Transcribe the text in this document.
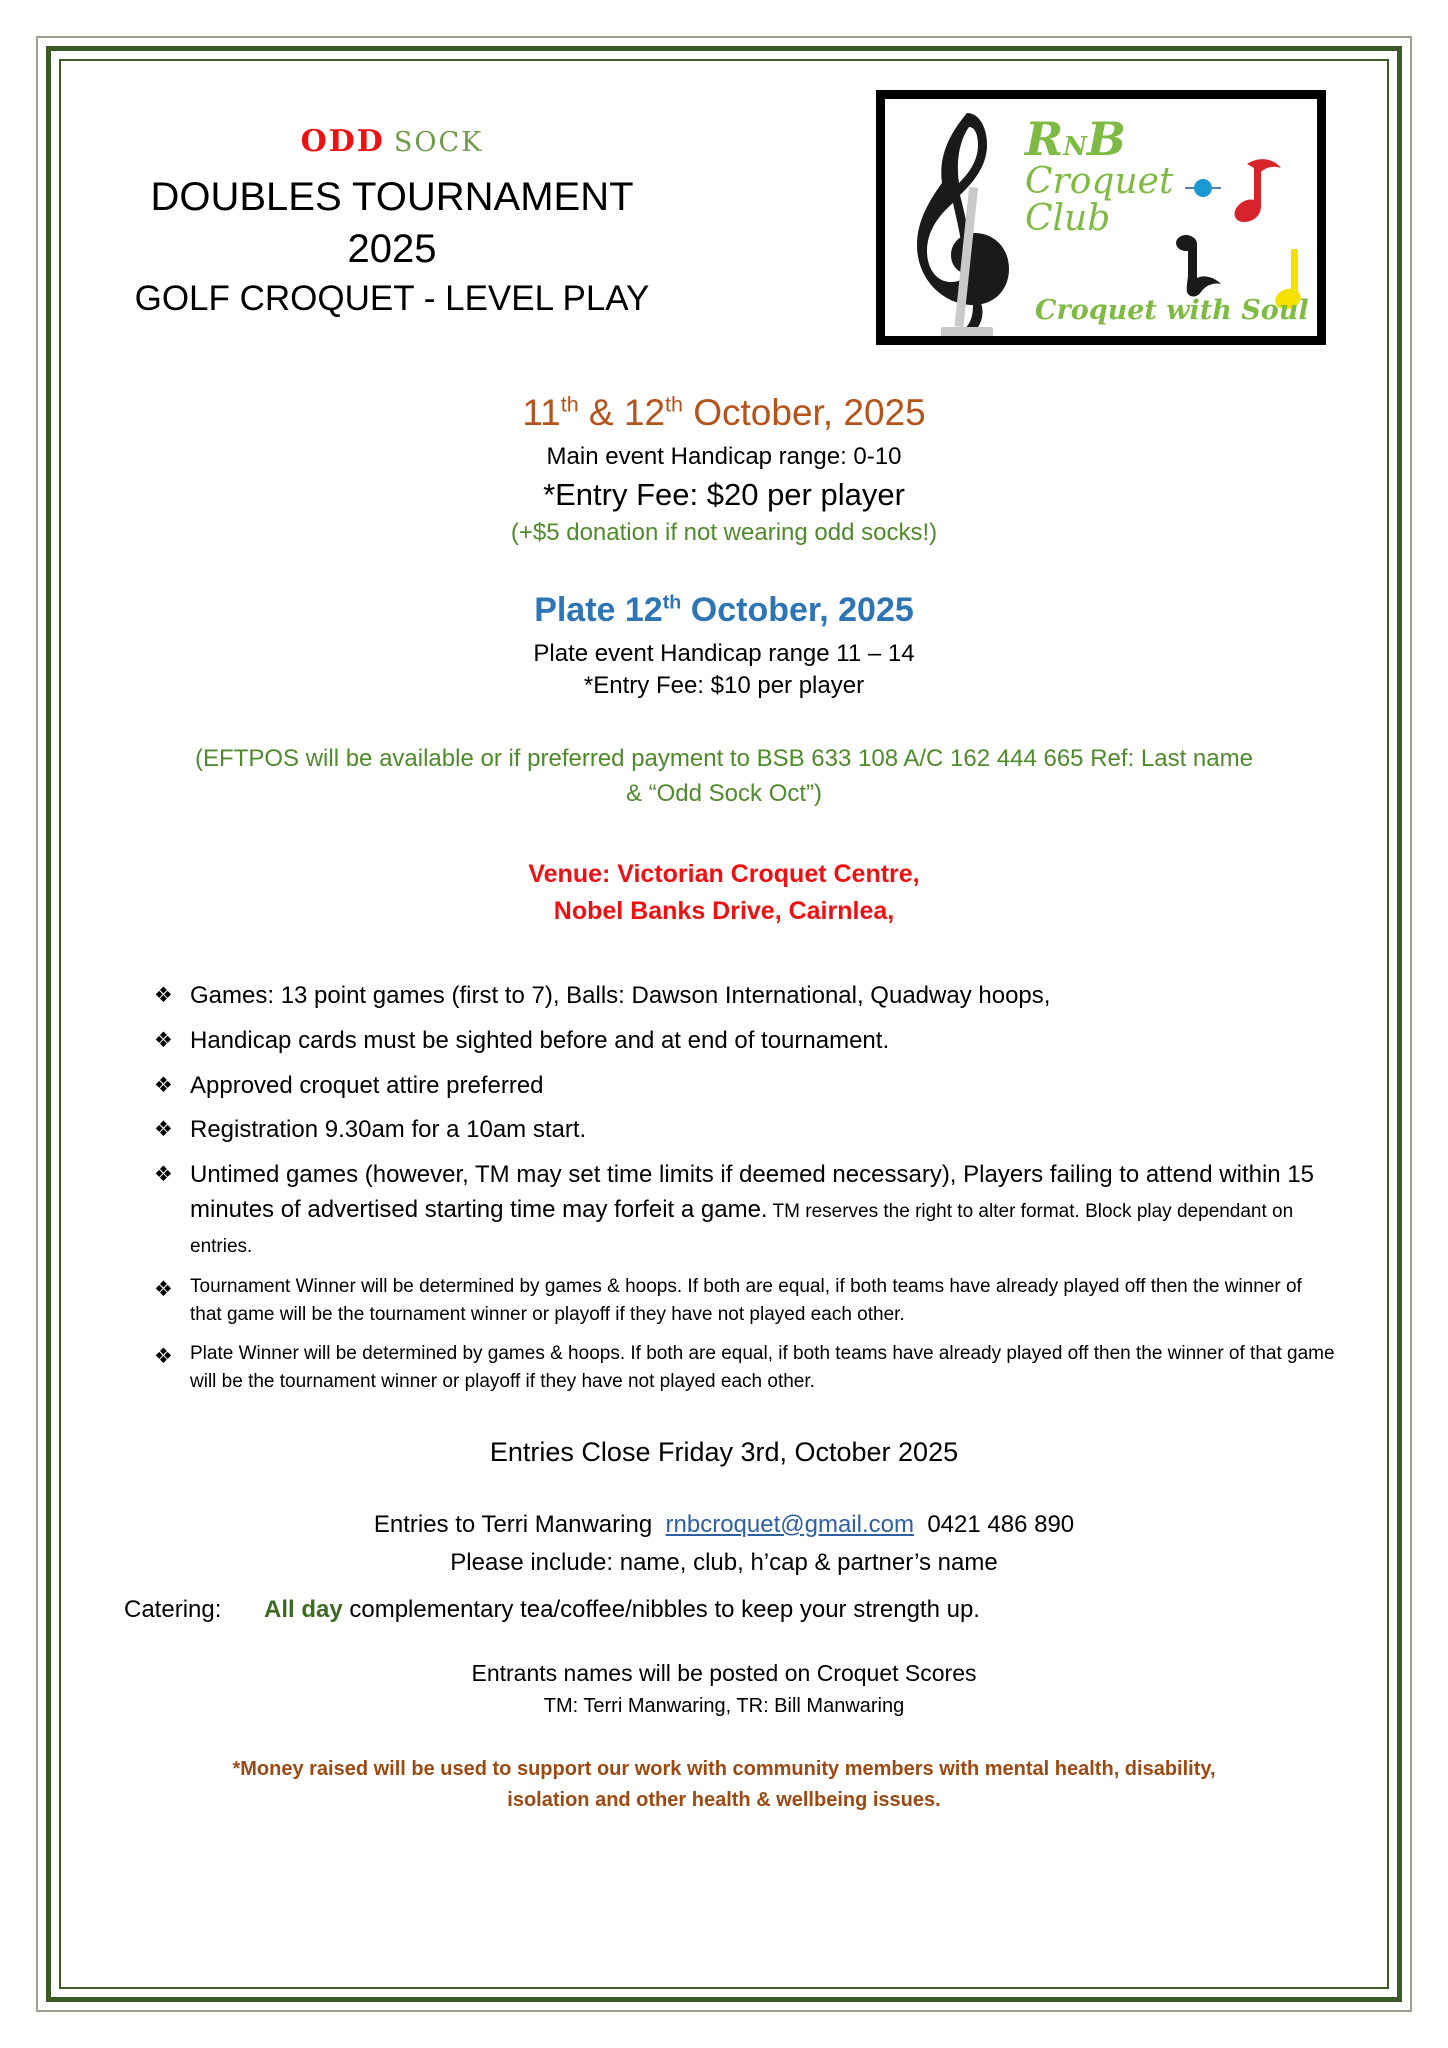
ODD SOCK
DOUBLES TOURNAMENT
2025
GOLF CROQUET - LEVEL PLAY
RNB
Croquet
Club
Croquet with Soul
11th & 12th October, 2025
Main event Handicap range: 0-10
*Entry Fee: $20 per player
(+$5 donation if not wearing odd socks!)
Plate 12th October, 2025
Plate event Handicap range 11 – 14
*Entry Fee: $10 per player
(EFTPOS will be available or if preferred payment to BSB 633 108 A/C 162 444 665 Ref: Last name
& “Odd Sock Oct”)
Venue: Victorian Croquet Centre,
Nobel Banks Drive, Cairnlea,
❖ Games: 13 point games (first to 7), Balls: Dawson International, Quadway hoops,
❖ Handicap cards must be sighted before and at end of tournament.
❖ Approved croquet attire preferred
❖ Registration 9.30am for a 10am start.
❖ Untimed games (however, TM may set time limits if deemed necessary), Players failing to attend within 15 minutes of advertised starting time may forfeit a game. TM reserves the right to alter format. Block play dependant on entries.
❖ Tournament Winner will be determined by games & hoops. If both are equal, if both teams have already played off then the winner of that game will be the tournament winner or playoff if they have not played each other.
❖ Plate Winner will be determined by games & hoops. If both are equal, if both teams have already played off then the winner of that game will be the tournament winner or playoff if they have not played each other.
Entries Close Friday 3rd, October 2025
Entries to Terri Manwaring  rnbcroquet@gmail.com  0421 486 890
Please include: name, club, h’cap & partner’s name
Catering:	All day complementary tea/coffee/nibbles to keep your strength up.
Entrants names will be posted on Croquet Scores
TM: Terri Manwaring, TR: Bill Manwaring
*Money raised will be used to support our work with community members with mental health, disability,
isolation and other health & wellbeing issues.
